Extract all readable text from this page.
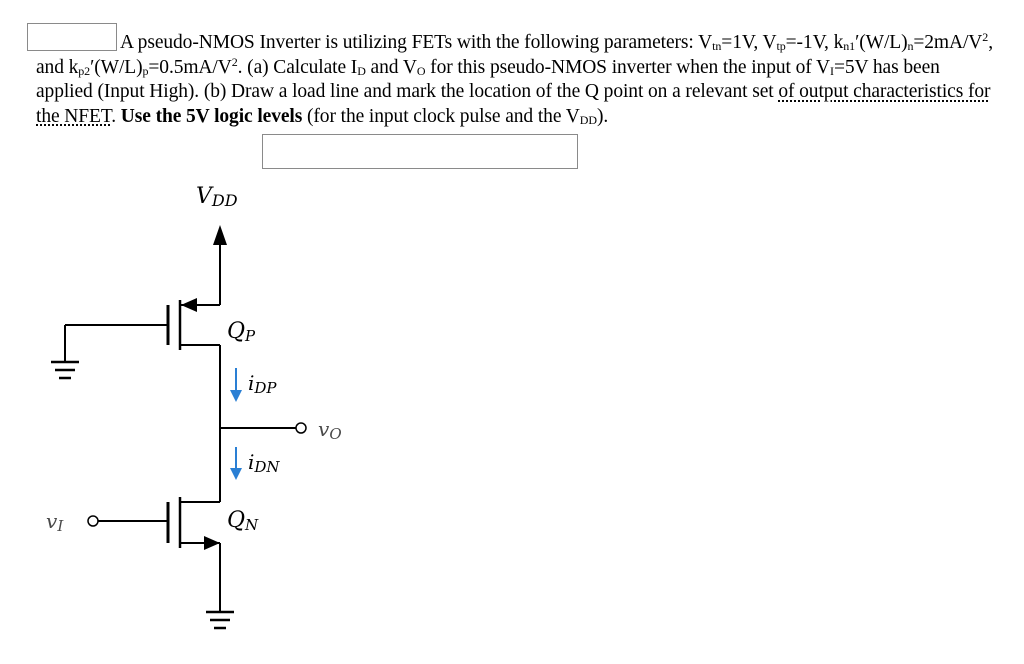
A pseudo-NMOS Inverter is utilizing FETs with the following parameters: Vtn=1V, Vtp=-1V, $kn1'(W/L)n=2mA/V^2$, and $kp2'(W/L)p=0.5mA/V^2$. (a) Calculate ID and VO for this pseudo-NMOS inverter when the input of VI=5V has been applied (Input High). (b) Draw a load line and mark the location of the Q point on a relevant set of output characteristics for the NFET. Use the 5V logic levels (for the input clock pulse and the VDD).

VDD
QP
iDP
vO
iDN
QN
vI
